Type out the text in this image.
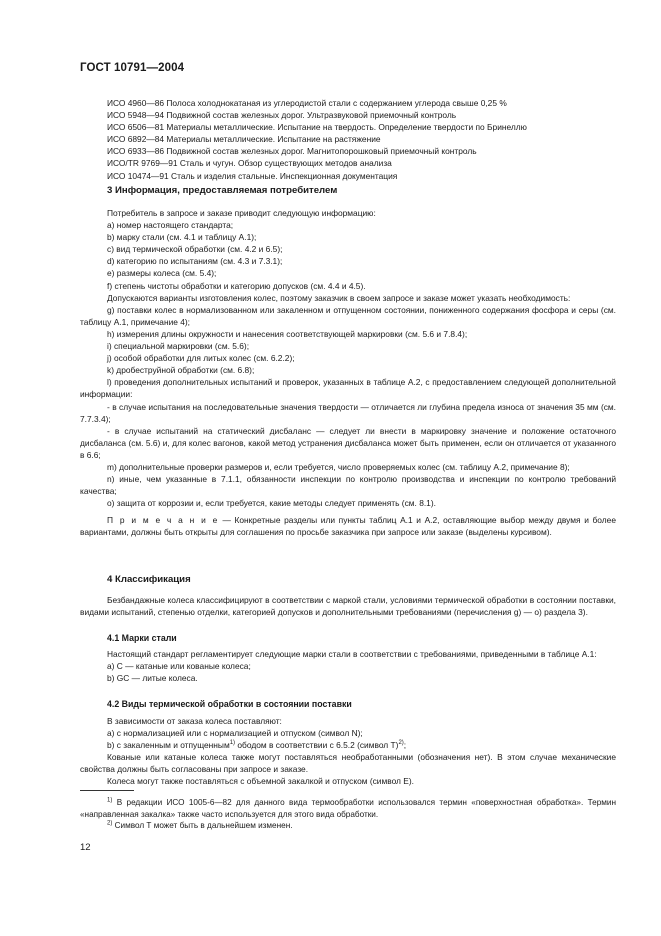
ГОСТ 10791—2004
ИСО 4960—86 Полоса холоднокатаная из углеродистой стали с содержанием углерода свыше 0,25 %
ИСО 5948—94 Подвижной состав железных дорог. Ультразвуковой приемочный контроль
ИСО 6506—81 Материалы металлические. Испытание на твердость. Определение твердости по Бринеллю
ИСО 6892—84 Материалы металлические. Испытание на растяжение
ИСО 6933—86 Подвижной состав железных дорог. Магнитопорошковый приемочный контроль
ИСО/TR 9769—91 Сталь и чугун. Обзор существующих методов анализа
ИСО 10474—91 Сталь и изделия стальные. Инспекционная документация
3 Информация, предоставляемая потребителем

Потребитель в запросе и заказе приводит следующую информацию:

a) номер настоящего стандарта;

b) марку стали (см. 4.1 и таблицу А.1);

c) вид термической обработки (см. 4.2 и 6.5);

d) категорию по испытаниям (см. 4.3 и 7.3.1);

e) размеры колеса (см. 5.4);

f) степень чистоты обработки и категорию допусков (см. 4.4 и 4.5).

Допускаются варианты изготовления колес, поэтому заказчик в своем запросе и заказе может указать необходимость:

g) поставки колес в нормализованном или закаленном и отпущенном состоянии, пониженного содержания фосфора и серы (см. таблицу А.1, примечание 4);

h) измерения длины окружности и нанесения соответствующей маркировки (см. 5.6 и 7.8.4);

i) специальной маркировки (см. 5.6);

j) особой обработки для литых колес (см. 6.2.2);

k) дробеструйной обработки (см. 6.8);

l) проведения дополнительных испытаний и проверок, указанных в таблице А.2, с предоставлением следующей дополнительной информации:

- в случае испытания на последовательные значения твердости — отличается ли глубина предела износа от значения 35 мм (см. 7.7.3.4);

- в случае испытаний на статический дисбаланс — следует ли внести в маркировку значение и положение остаточного дисбаланса (см. 5.6) и, для колес вагонов, какой метод устранения дисбаланса может быть применен, если он отличается от указанного в 6.6;

m) дополнительные проверки размеров и, если требуется, число проверяемых колес (см. таблицу А.2, примечание 8);

n) иные, чем указанные в 7.1.1, обязанности инспекции по контролю производства и инспекции по контролю требований качества;

o) защита от коррозии и, если требуется, какие методы следует применять (см. 8.1).

П р и м е ч а н и е — Конкретные разделы или пункты таблиц А.1 и А.2, оставляющие выбор между двумя и более вариантами, должны быть открыты для соглашения по просьбе заказчика при запросе или заказе (выделены курсивом).

4 Классификация

Безбандажные колеса классифицируют в соответствии с маркой стали, условиями термической обработки в состоянии поставки, видами испытаний, степенью отделки, категорией допусков и дополнительными требованиями (перечисления g) — o) раздела 3).

4.1 Марки стали

Настоящий стандарт регламентирует следующие марки стали в соответствии с требованиями, приведенными в таблице А.1:

a) С — катаные или кованые колеса;

b) GC — литые колеса.

4.2 Виды термической обработки в состоянии поставки

В зависимости от заказа колеса поставляют:

a) с нормализацией или с нормализацией и отпуском (символ N);

b) с закаленным и отпущенным$^{1)}$ ободом в соответствии с 6.5.2 (символ Т)$^{2)}$;

Кованые или катаные колеса также могут поставляться необработанными (обозначения нет). В этом случае механические свойства должны быть согласованы при запросе и заказе.

Колеса могут также поставляться с объемной закалкой и отпуском (символ Е).

$^{1)}$ В редакции ИСО 1005-6—82 для данного вида термообработки использовался термин «поверхностная обработка». Термин «направленная закалка» также часто используется для этого вида обработки.

$^{2)}$ Символ Т может быть в дальнейшем изменен.

12
